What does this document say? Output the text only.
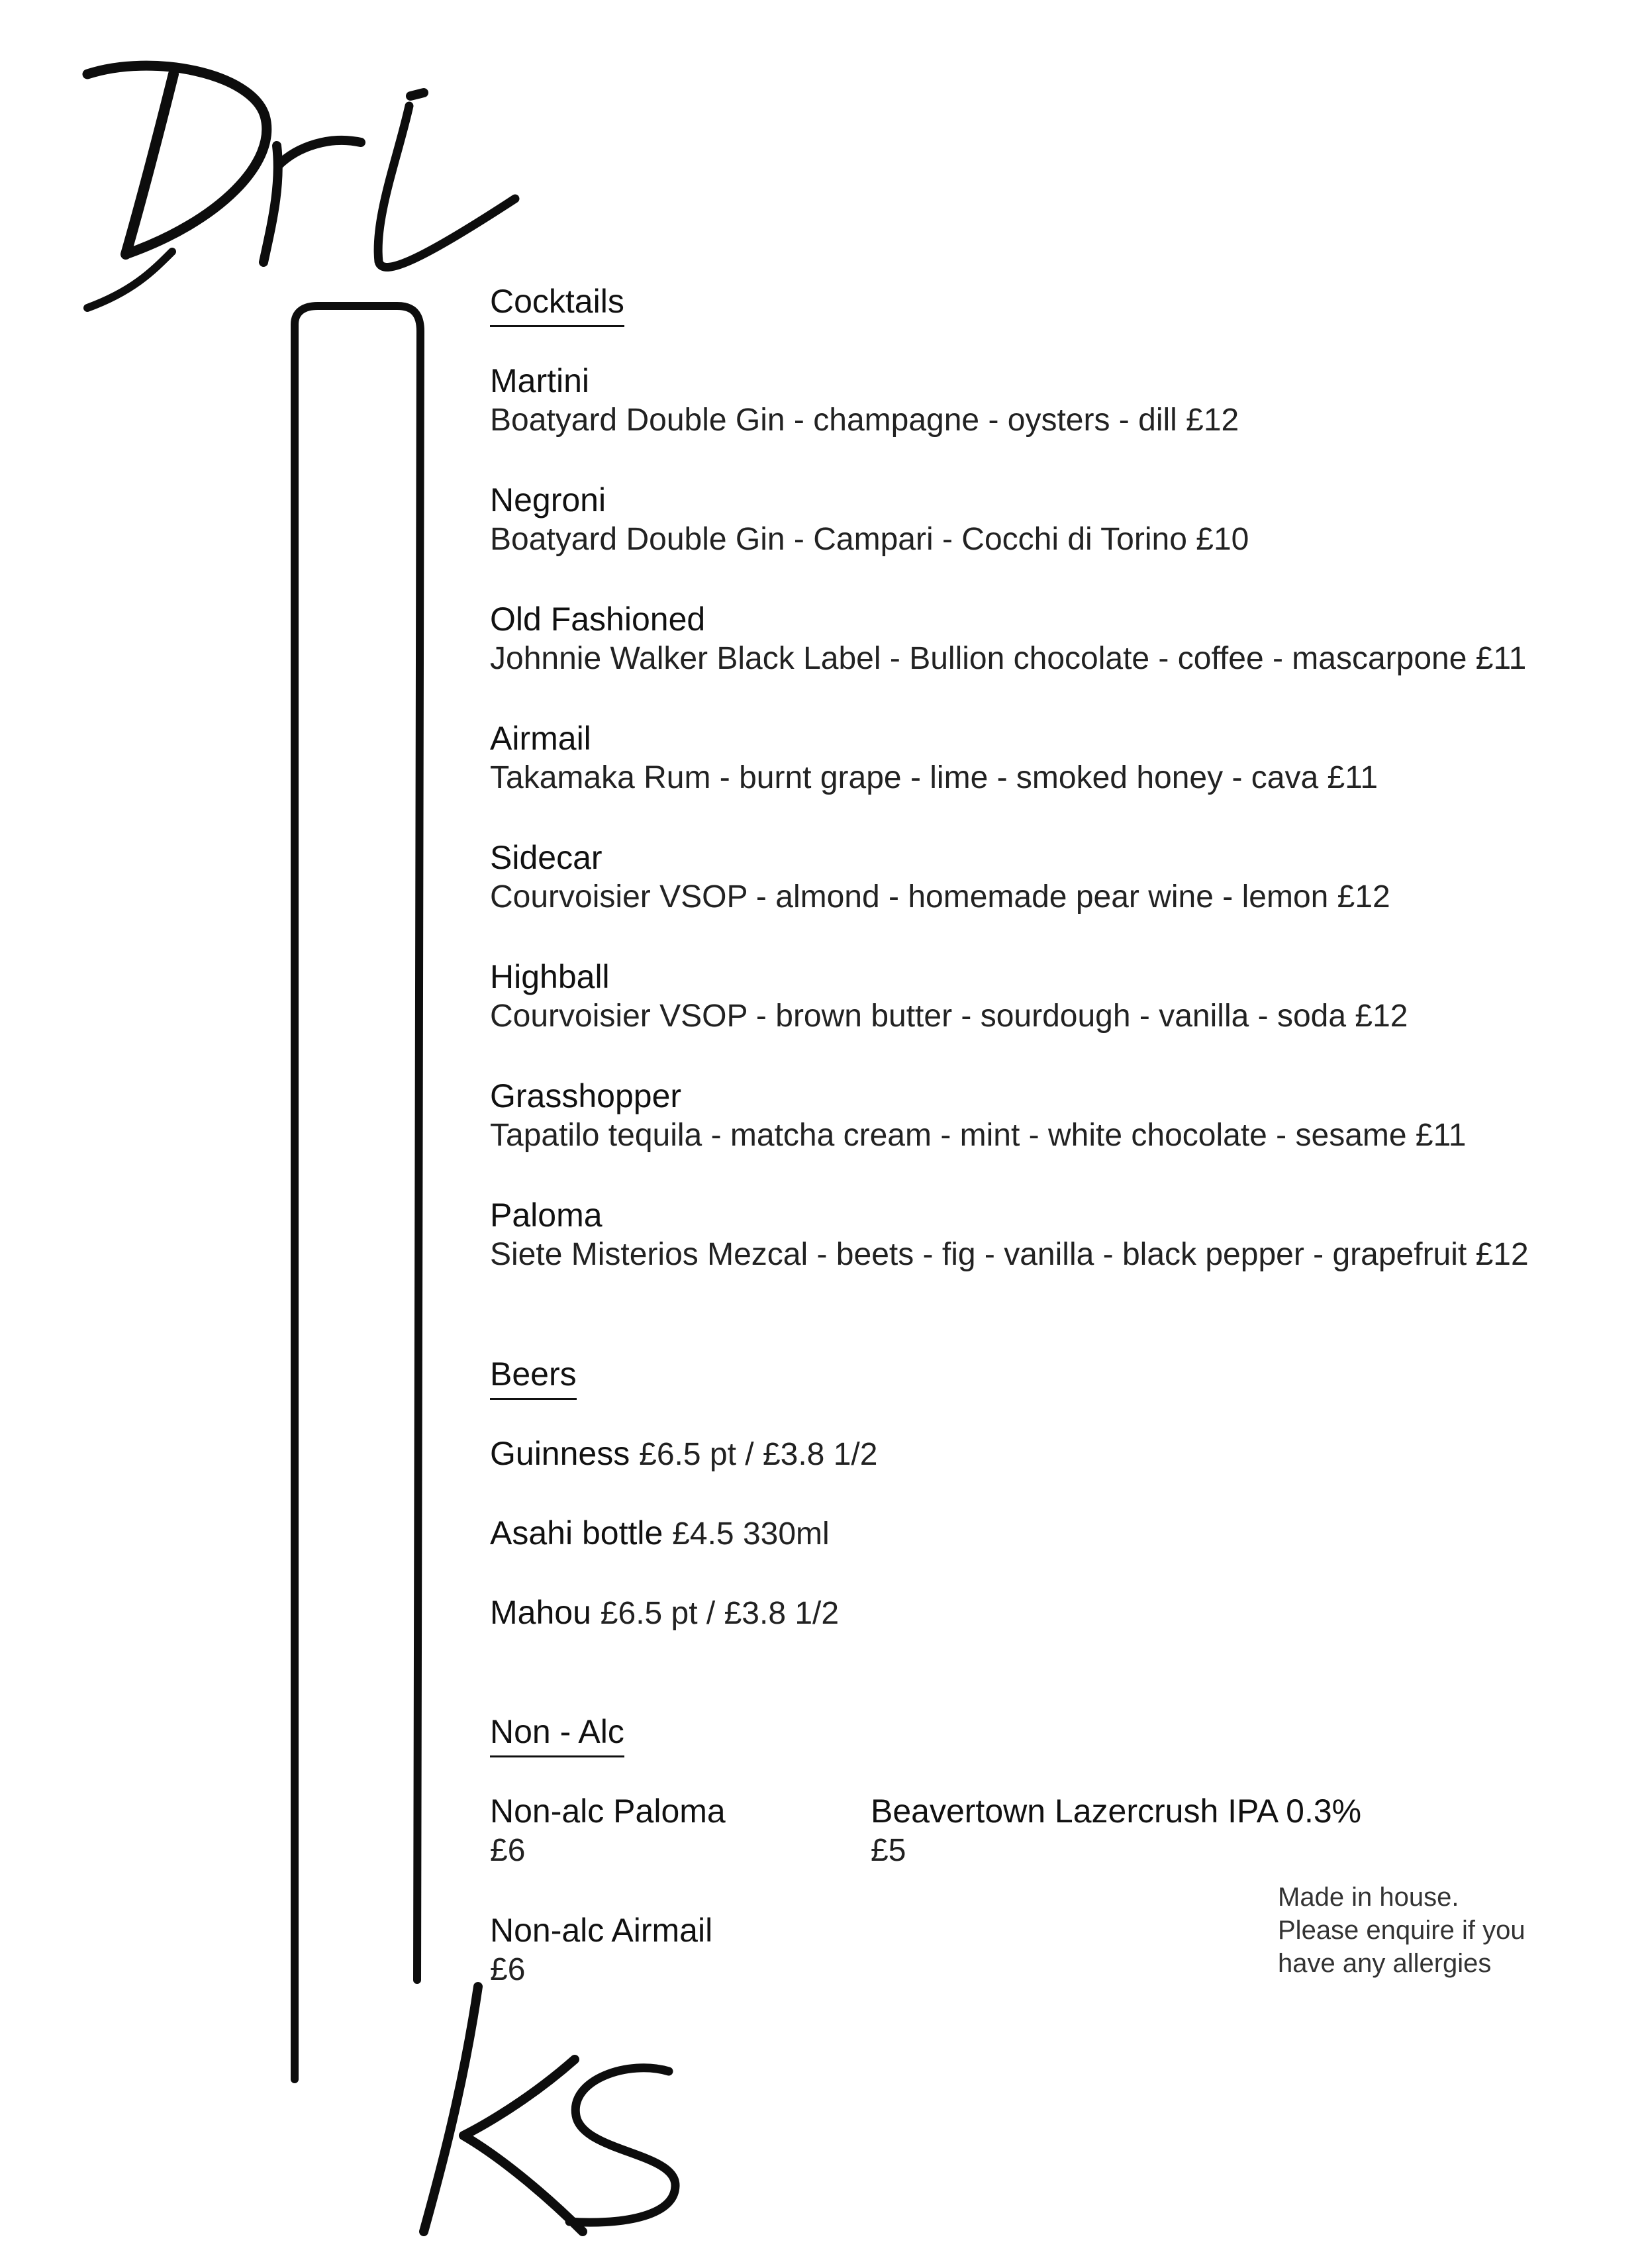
Cocktails
Martini
Boatyard Double Gin - champagne - oysters - dill £12
Negroni
Boatyard Double Gin - Campari - Cocchi di Torino £10
Old Fashioned
Johnnie Walker Black Label - Bullion chocolate - coffee - mascarpone £11
Airmail
Takamaka Rum - burnt grape - lime - smoked honey - cava £11
Sidecar
Courvoisier VSOP - almond - homemade pear wine - lemon £12
Highball
Courvoisier VSOP - brown butter - sourdough - vanilla - soda £12
Grasshopper
Tapatilo tequila - matcha cream - mint - white chocolate - sesame £11
Paloma
Siete Misterios Mezcal - beets - fig - vanilla - black pepper - grapefruit £12
Beers
Guinness £6.5 pt / £3.8 1/2
Asahi bottle £4.5 330ml
Mahou £6.5 pt / £3.8 1/2
Non - Alc
Non-alc Paloma
£6
Beavertown Lazercrush IPA 0.3%
£5
Non-alc Airmail
£6
Made in house.
Please enquire if you
have any allergies
